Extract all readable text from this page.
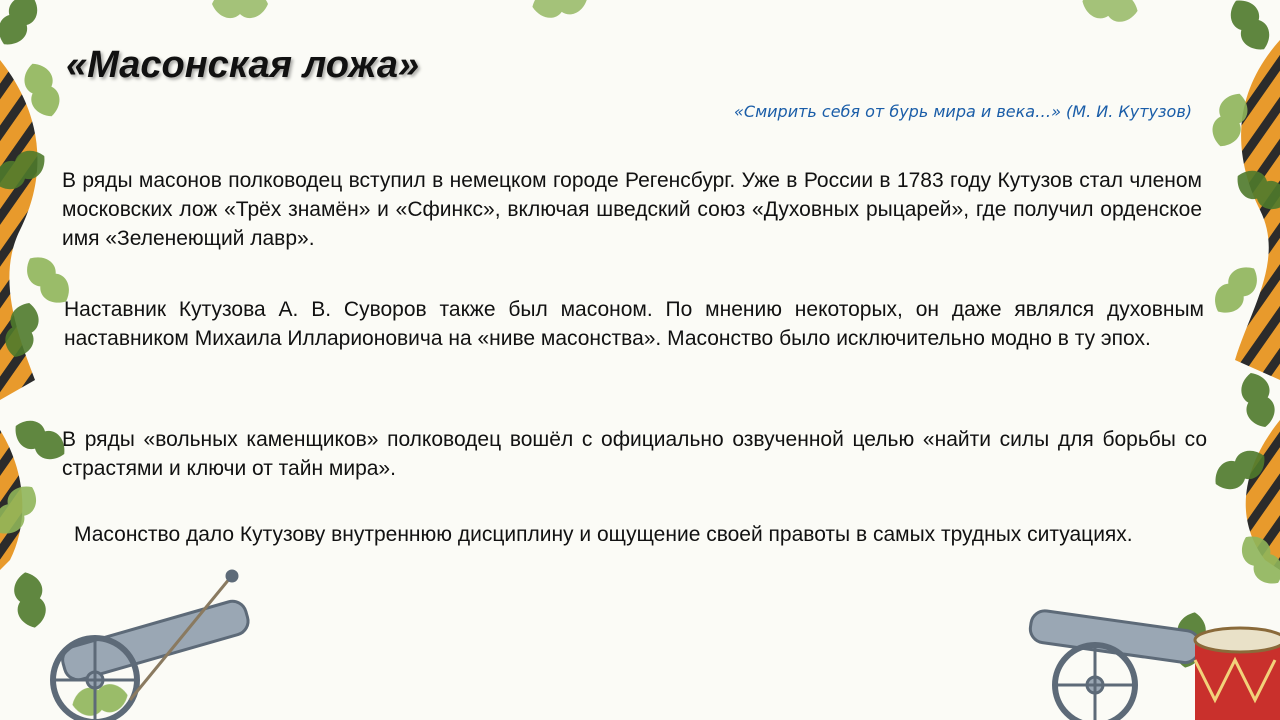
«Масонская ложа»

«Смирить себя от бурь мира и века…» (М. И. Кутузов)

В ряды масонов полководец вступил в немецком городе Регенсбург. Уже в России в 1783 году Кутузов стал членом московских лож «Трёх знамён» и «Сфинкс», включая шведский союз «Духовных рыцарей», где получил орденское имя «Зеленеющий лавр».

Наставник Кутузова А. В. Суворов также был масоном. По мнению некоторых, он даже являлся духовным наставником Михаила Илларионовича на «ниве масонства». Масонство было исключительно модно в ту эпох.

В ряды «вольных каменщиков» полководец вошёл с официально озвученной целью «найти силы для борьбы со страстями и ключи от тайн мира».

Масонство дало Кутузову внутреннюю дисциплину и ощущение своей правоты в самых трудных ситуациях.
